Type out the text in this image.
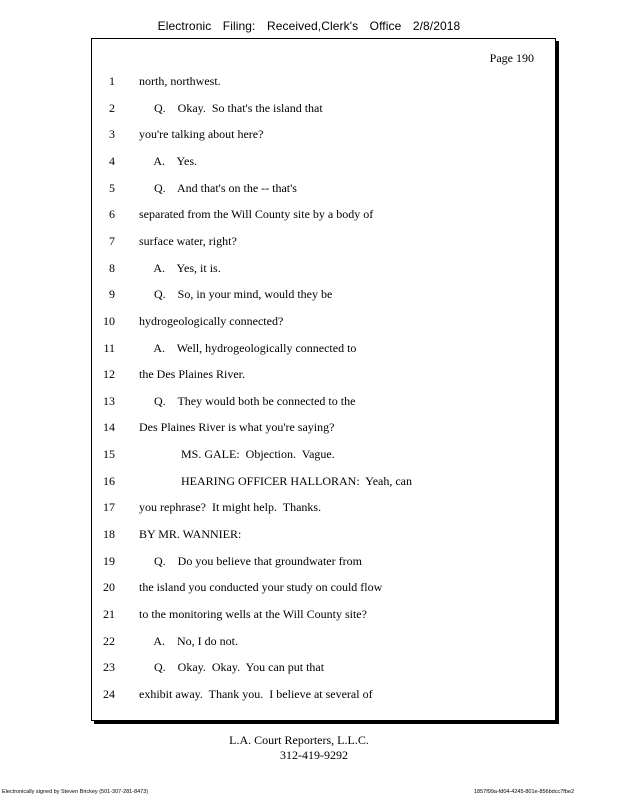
Electronic Filing: Received,Clerk's Office 2/8/2018
Page 190
1 north, northwest.
2 Q.    Okay.  So that's the island that
3 you're talking about here?
4 A.    Yes.
5 Q.    And that's on the -- that's
6 separated from the Will County site by a body of
7 surface water, right?
8 A.    Yes, it is.
9 Q.    So, in your mind, would they be
10 hydrogeologically connected?
11 A.    Well, hydrogeologically connected to
12 the Des Plaines River.
13 Q.    They would both be connected to the
14 Des Plaines River is what you're saying?
15 MS. GALE:  Objection.  Vague.
16 HEARING OFFICER HALLORAN:  Yeah, can
17 you rephrase?  It might help.  Thanks.
18 BY MR. WANNIER:
19 Q.    Do you believe that groundwater from
20 the island you conducted your study on could flow
21 to the monitoring wells at the Will County site?
22 A.    No, I do not.
23 Q.    Okay.  Okay.  You can put that
24 exhibit away.  Thank you.  I believe at several of
L.A. Court Reporters, L.L.C.
312-419-9292
Electronically signed by Steven Brickey (501-307-281-8473)	1857f99a-fd04-4245-801e-856bdcc7fbe2
